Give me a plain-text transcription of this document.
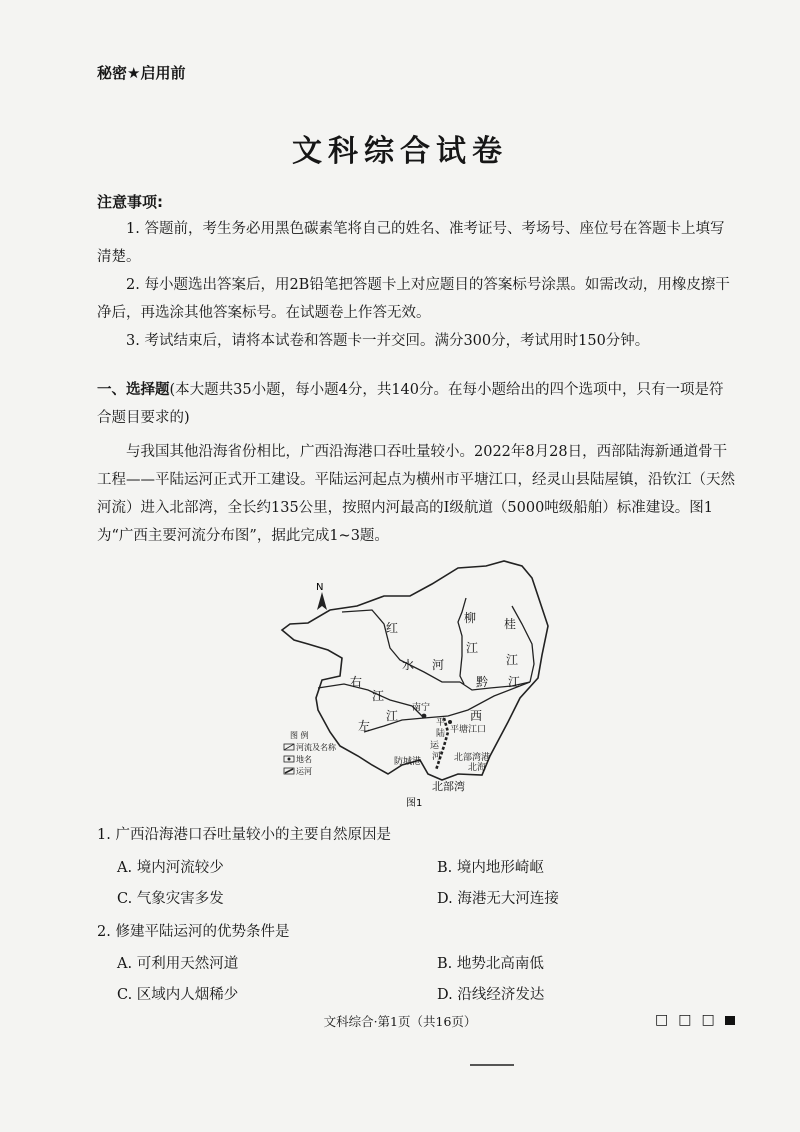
秘密★启用前
文科综合试卷
注意事项:
1. 答题前，考生务必用黑色碳素笔将自己的姓名、准考证号、考场号、座位号在答题卡上填写清楚。
2. 每小题选出答案后，用2B铅笔把答题卡上对应题目的答案标号涂黑。如需改动，用橡皮擦干净后，再选涂其他答案标号。在试题卷上作答无效。
3. 考试结束后，请将本试卷和答题卡一并交回。满分300分，考试用时150分钟。
一、选择题(本大题共35小题，每小题4分，共140分。在每小题给出的四个选项中，只有一项是符合题目要求的)
与我国其他沿海省份相比，广西沿海港口吞吐量较小。2022年8月28日，西部陆海新通道骨干工程——平陆运河正式开工建设。平陆运河起点为横州市平塘江口，经灵山县陆屋镇，沿钦江（天然河流）进入北部湾，全长约135公里，按照内河最高的I级航道（5000吨级船舶）标准建设。图1为“广西主要河流分布图”，据此完成1~3题。
N
红
水 河
柳
江
桂
江
黔 江
右
江
左
江	西
南宁
平塘江口
北部湾港
防城港
北海
北部湾
平
陆
运
河
图 例
河流及名称
地名
运河
图1
1. 广西沿海港口吞吐量较小的主要自然原因是
A. 境内河流较少	B. 境内地形崎岖
C. 气象灾害多发	D. 海港无大河连接
2. 修建平陆运河的优势条件是
A. 可利用天然河道	B. 地势北高南低
C. 区域内人烟稀少	D. 沿线经济发达
文科综合·第1页（共16页）	□□□
